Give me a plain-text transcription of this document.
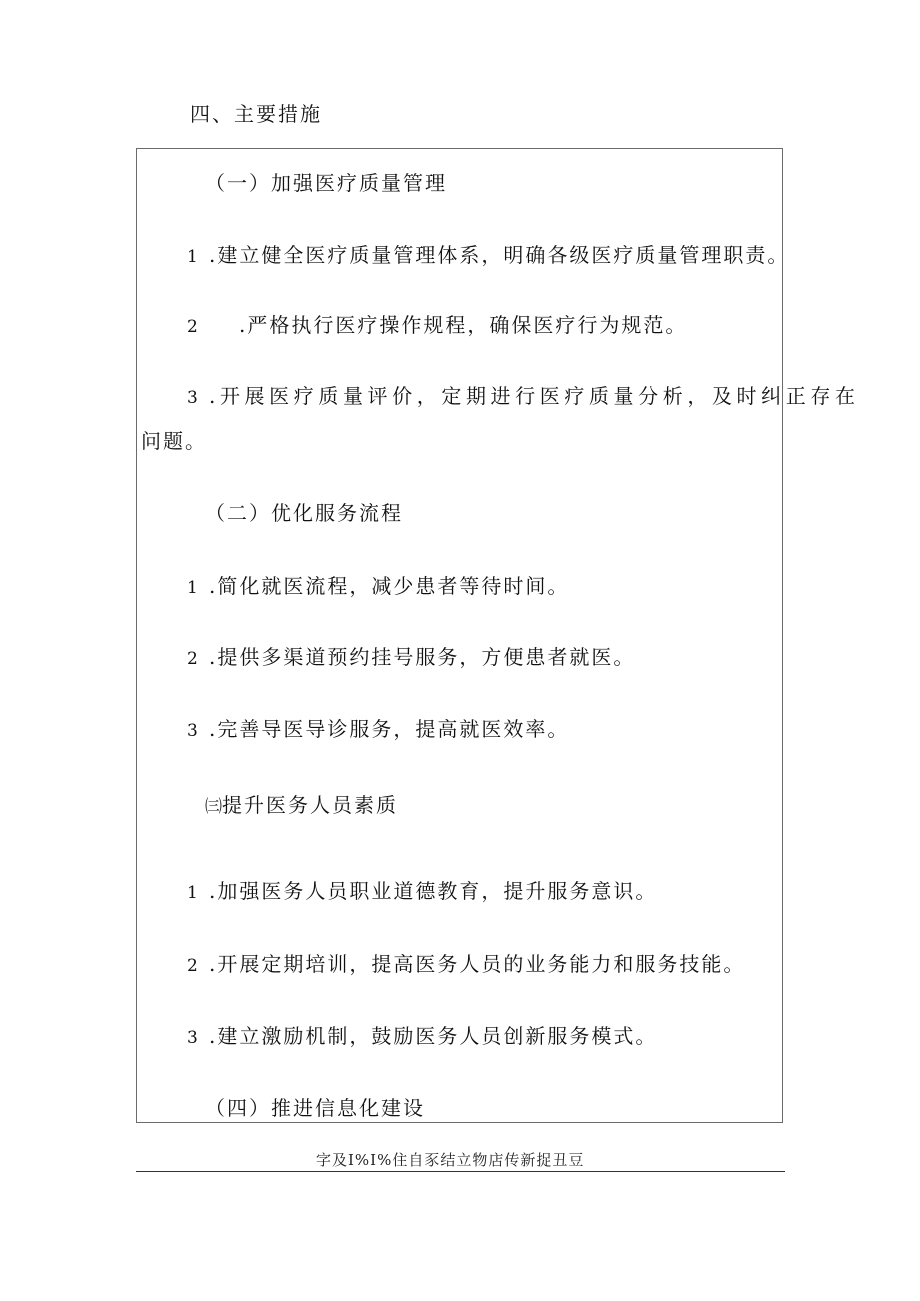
四、主要措施
（一）加强医疗质量管理
1 .建立健全医疗质量管理体系，明确各级医疗质量管理职责。
2 .严格执行医疗操作规程，确保医疗行为规范。
3 .开展医疗质量评价，定期进行医疗质量分析，及时纠正存在
问题。
（二）优化服务流程
1 .简化就医流程，减少患者等待时间。
2 .提供多渠道预约挂号服务，方便患者就医。
3 .完善导医导诊服务，提高就医效率。
㈢提升医务人员素质
1 .加强医务人员职业道德教育，提升服务意识。
2 .开展定期培训，提高医务人员的业务能力和服务技能。
3 .建立激励机制，鼓励医务人员创新服务模式。
（四）推进信息化建设
字及I%I%住自豕结立物店传新捉丑豆
